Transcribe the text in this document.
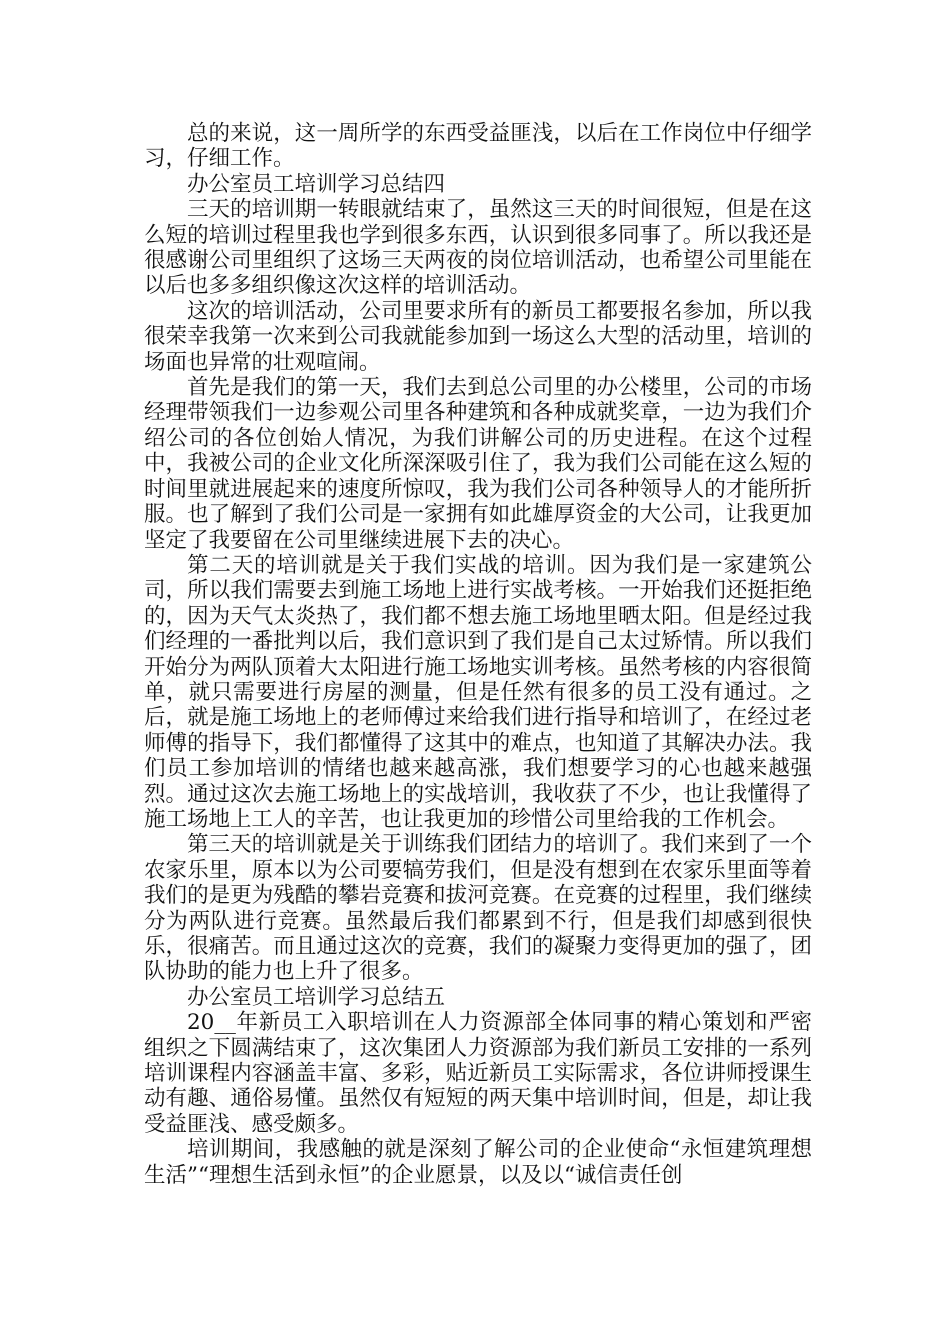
总的来说，这一周所学的东西受益匪浅，以后在工作岗位中仔细学习，仔细工作。

办公室员工培训学习总结四

三天的培训期一转眼就结束了，虽然这三天的时间很短，但是在这么短的培训过程里我也学到很多东西，认识到很多同事了。所以我还是很感谢公司里组织了这场三天两夜的岗位培训活动，也希望公司里能在以后也多多组织像这次这样的培训活动。

这次的培训活动，公司里要求所有的新员工都要报名参加，所以我很荣幸我第一次来到公司我就能参加到一场这么大型的活动里，培训的场面也异常的壮观喧闹。

首先是我们的第一天，我们去到总公司里的办公楼里，公司的市场经理带领我们一边参观公司里各种建筑和各种成就奖章，一边为我们介绍公司的各位创始人情况，为我们讲解公司的历史进程。在这个过程中，我被公司的企业文化所深深吸引住了，我为我们公司能在这么短的时间里就进展起来的速度所惊叹，我为我们公司各种领导人的才能所折服。也了解到了我们公司是一家拥有如此雄厚资金的大公司，让我更加坚定了我要留在公司里继续进展下去的决心。

第二天的培训就是关于我们实战的培训。因为我们是一家建筑公司，所以我们需要去到施工场地上进行实战考核。一开始我们还挺拒绝的，因为天气太炎热了，我们都不想去施工场地里晒太阳。但是经过我们经理的一番批判以后，我们意识到了我们是自己太过矫情。所以我们开始分为两队顶着大太阳进行施工场地实训考核。虽然考核的内容很简单，就只需要进行房屋的测量，但是任然有很多的员工没有通过。之后，就是施工场地上的老师傅过来给我们进行指导和培训了，在经过老师傅的指导下，我们都懂得了这其中的难点，也知道了其解决办法。我们员工参加培训的情绪也越来越高涨，我们想要学习的心也越来越强烈。通过这次去施工场地上的实战培训，我收获了不少，也让我懂得了施工场地上工人的辛苦，也让我更加的珍惜公司里给我的工作机会。

第三天的培训就是关于训练我们团结力的培训了。我们来到了一个农家乐里，原本以为公司要犒劳我们，但是没有想到在农家乐里面等着我们的是更为残酷的攀岩竞赛和拔河竞赛。在竞赛的过程里，我们继续分为两队进行竞赛。虽然最后我们都累到不行，但是我们却感到很快乐，很痛苦。而且通过这次的竞赛，我们的凝聚力变得更加的强了，团队协助的能力也上升了很多。

办公室员工培训学习总结五

20__年新员工入职培训在人力资源部全体同事的精心策划和严密组织之下圆满结束了，这次集团人力资源部为我们新员工安排的一系列培训课程内容涵盖丰富、多彩，贴近新员工实际需求，各位讲师授课生动有趣、通俗易懂。虽然仅有短短的两天集中培训时间，但是，却让我受益匪浅、感受颇多。

培训期间，我感触的就是深刻了解公司的企业使命“永恒建筑理想生活”“理想生活到永恒”的企业愿景，以及以“诚信责任创
